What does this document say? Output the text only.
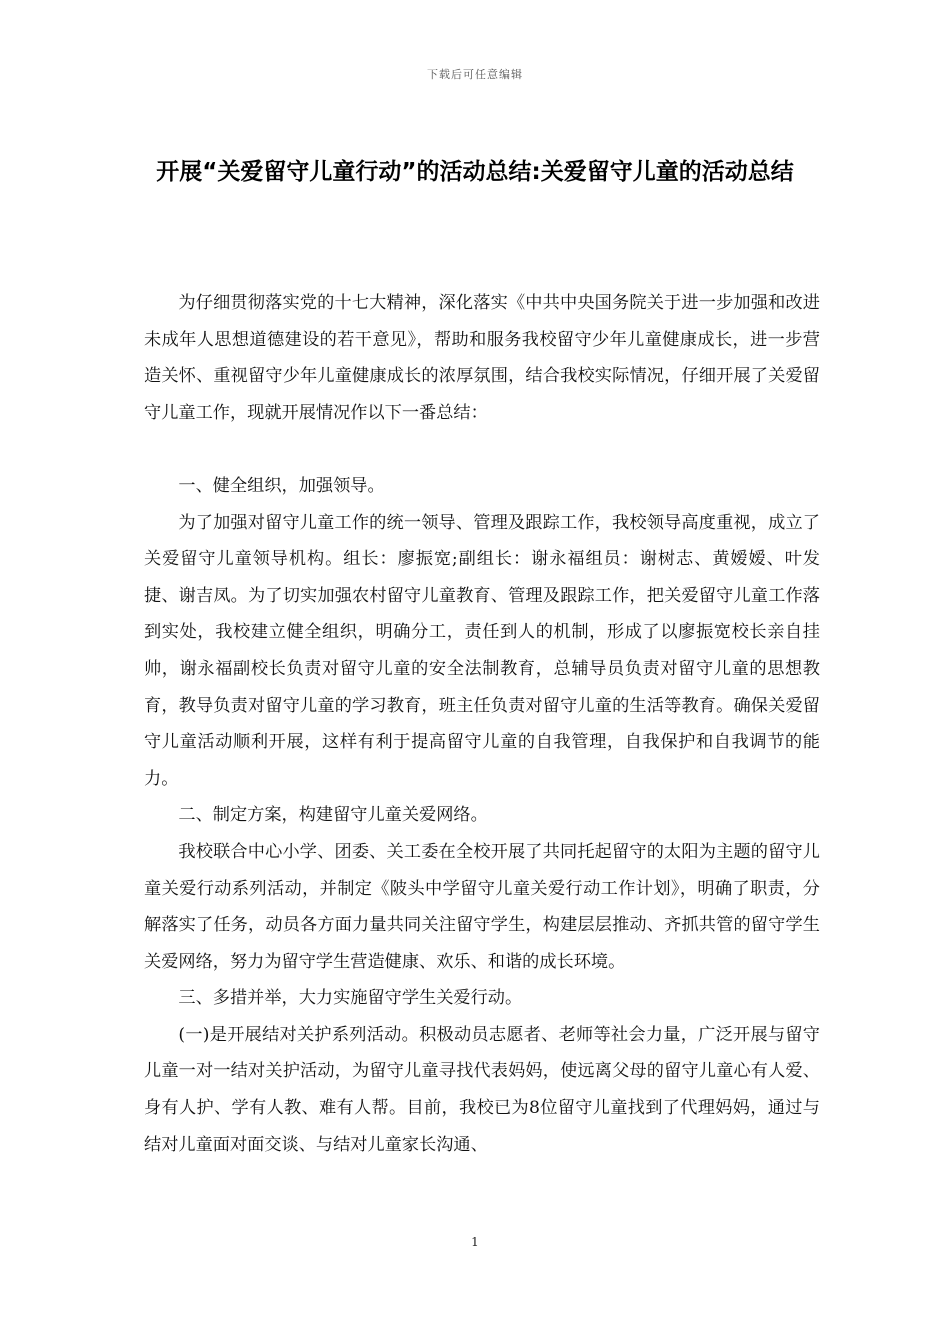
下载后可任意编辑
开展“关爱留守儿童行动”的活动总结:关爱留守儿童的活动总结

为仔细贯彻落实党的十七大精神，深化落实《中共中央国务院关于进一步加强和改进未成年人思想道德建设的若干意见》，帮助和服务我校留守少年儿童健康成长，进一步营造关怀、重视留守少年儿童健康成长的浓厚氛围，结合我校实际情况，仔细开展了关爱留守儿童工作，现就开展情况作以下一番总结：

一、健全组织，加强领导。

为了加强对留守儿童工作的统一领导、管理及跟踪工作，我校领导高度重视，成立了关爱留守儿童领导机构。组长：廖振宽;副组长：谢永福组员：谢树志、黄嫒嫒、叶发捷、谢吉凤。为了切实加强农村留守儿童教育、管理及跟踪工作，把关爱留守儿童工作落到实处，我校建立健全组织，明确分工，责任到人的机制，形成了以廖振宽校长亲自挂帅，谢永福副校长负责对留守儿童的安全法制教育，总辅导员负责对留守儿童的思想教育，教导负责对留守儿童的学习教育，班主任负责对留守儿童的生活等教育。确保关爱留守儿童活动顺利开展，这样有利于提高留守儿童的自我管理，自我保护和自我调节的能力。

二、制定方案，构建留守儿童关爱网络。

我校联合中心小学、团委、关工委在全校开展了共同托起留守的太阳为主题的留守儿童关爱行动系列活动，并制定《陂头中学留守儿童关爱行动工作计划》，明确了职责，分解落实了任务，动员各方面力量共同关注留守学生，构建层层推动、齐抓共管的留守学生关爱网络，努力为留守学生营造健康、欢乐、和谐的成长环境。

三、多措并举，大力实施留守学生关爱行动。

(一)是开展结对关护系列活动。积极动员志愿者、老师等社会力量，广泛开展与留守儿童一对一结对关护活动，为留守儿童寻找代表妈妈，使远离父母的留守儿童心有人爱、身有人护、学有人教、难有人帮。目前，我校已为8位留守儿童找到了代理妈妈，通过与结对儿童面对面交谈、与结对儿童家长沟通、

1
